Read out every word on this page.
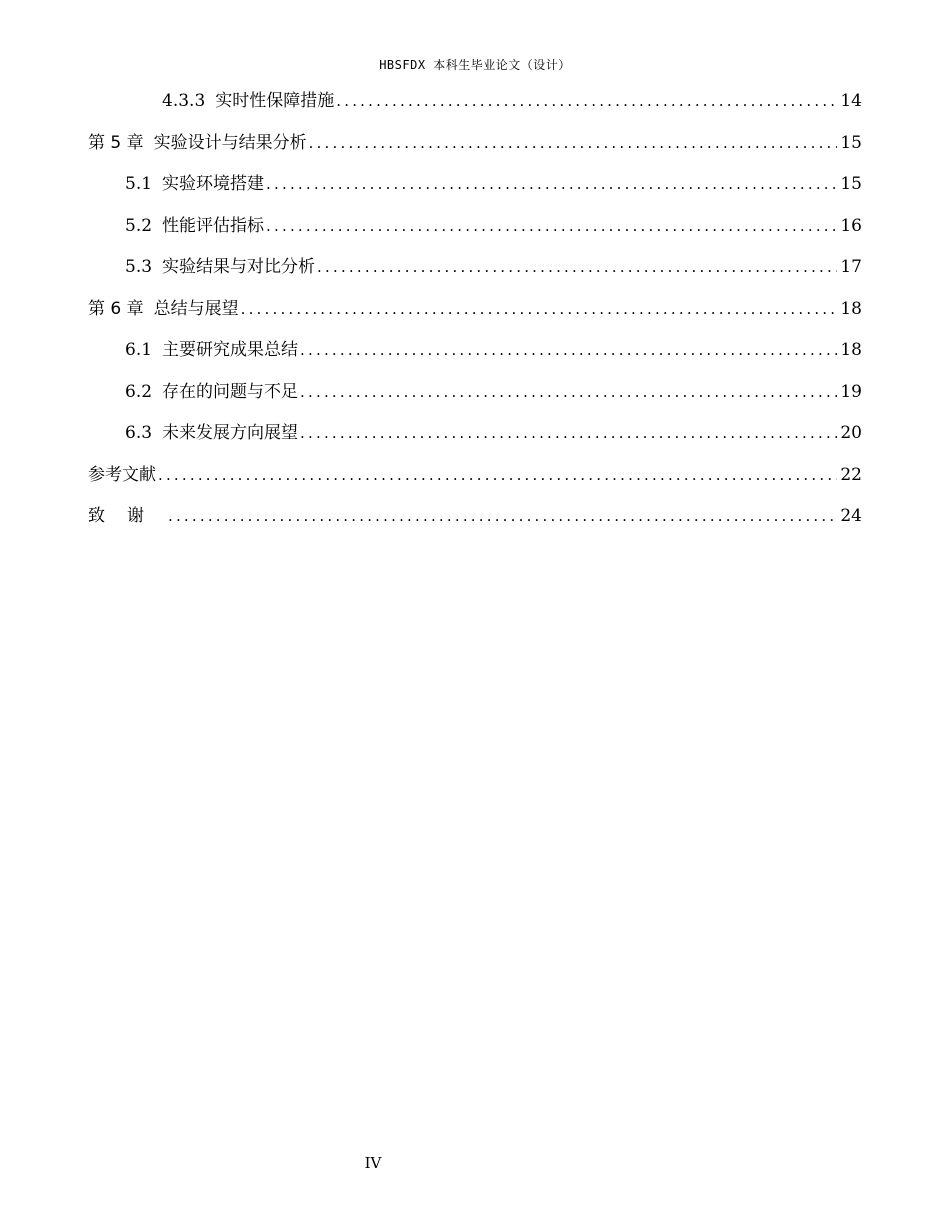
HBSFDX 本科生毕业论文（设计）
4.3.3 实时性保障措施 .....	14
第 5 章 实验设计与结果分析 .....	15
5.1 实验环境搭建 .....	15
5.2 性能评估指标 .....	16
5.3 实验结果与对比分析 .....	17
第 6 章 总结与展望 .....	18
6.1 主要研究成果总结 .....	18
6.2 存在的问题与不足 .....	19
6.3 未来发展方向展望 .....	20
参考文献 .....	22
致谢 .....	24
IV
